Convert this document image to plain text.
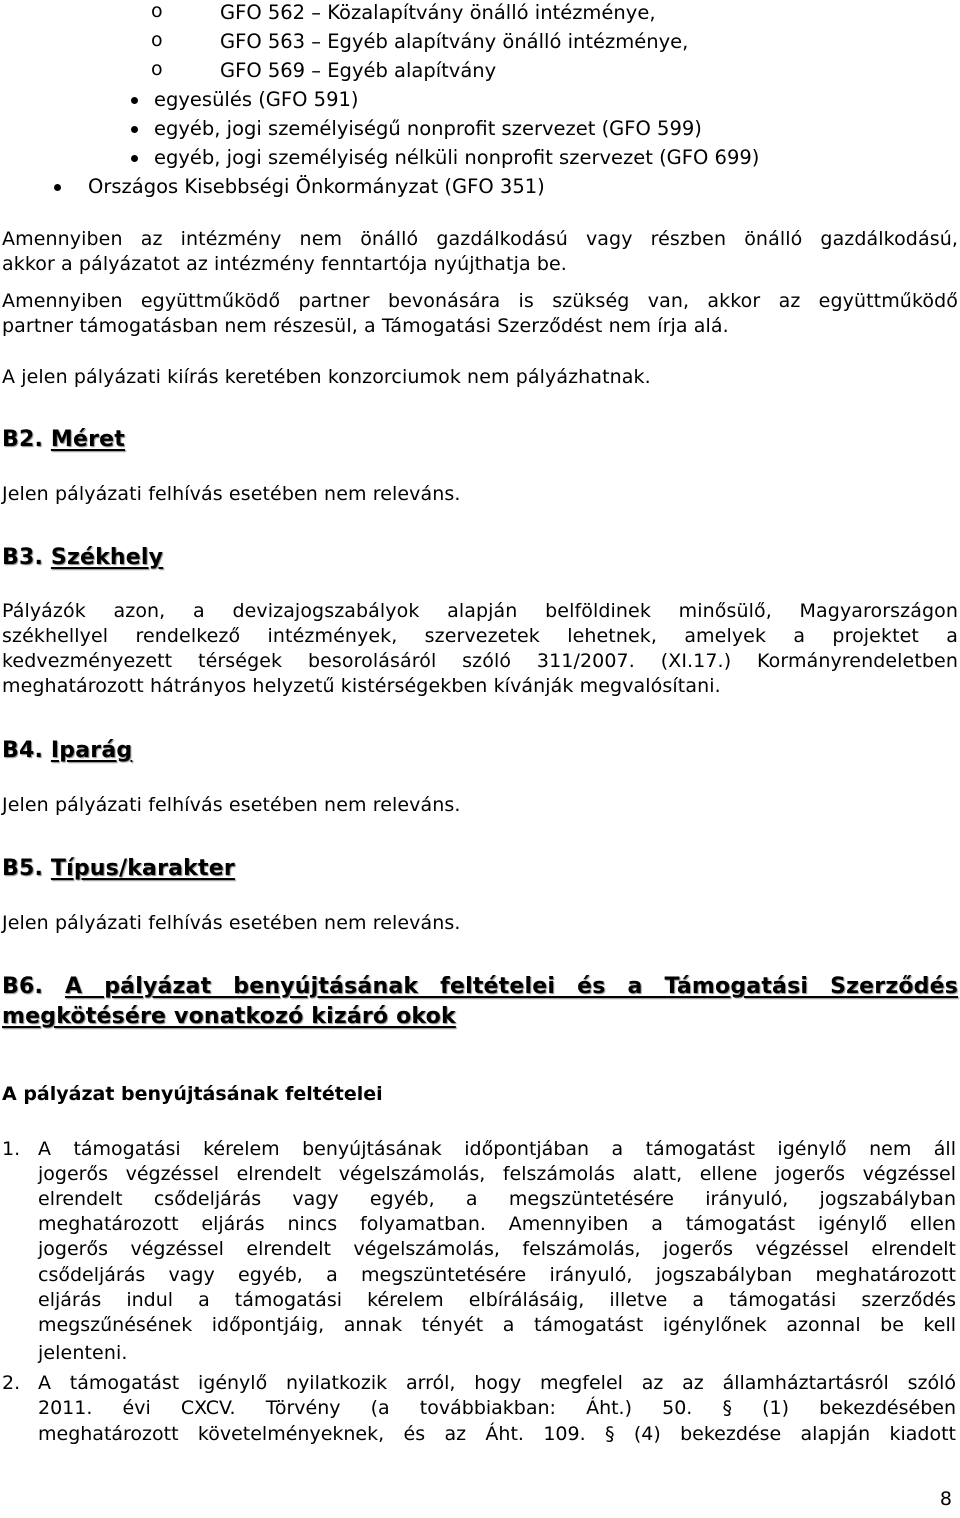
o	GFO 562 – Közalapítvány önálló intézménye,
o	GFO 563 – Egyéb alapítvány önálló intézménye,
o	GFO 569 – Egyéb alapítvány
egyesülés (GFO 591)
egyéb, jogi személyiségű nonprofit szervezet (GFO 599)
egyéb, jogi személyiség nélküli nonprofit szervezet (GFO 699)
Országos Kisebbségi Önkormányzat (GFO 351)
Amennyiben az intézmény nem önálló gazdálkodású vagy részben önálló gazdálkodású,
akkor a pályázatot az intézmény fenntartója nyújthatja be.
Amennyiben együttműködő partner bevonására is szükség van, akkor az együttműködő
partner támogatásban nem részesül, a Támogatási Szerződést nem írja alá.
A jelen pályázati kiírás keretében konzorciumok nem pályázhatnak.
B2. Méret
Jelen pályázati felhívás esetében nem releváns.
B3. Székhely
Pályázók azon, a devizajogszabályok alapján belföldinek minősülő, Magyarországon
székhellyel rendelkező intézmények, szervezetek lehetnek, amelyek a projektet a
kedvezményezett térségek besorolásáról szóló 311/2007. (XI.17.) Kormányrendeletben
meghatározott hátrányos helyzetű kistérségekben kívánják megvalósítani.
B4. Iparág
Jelen pályázati felhívás esetében nem releváns.
B5. Típus/karakter
Jelen pályázati felhívás esetében nem releváns.
B6. A pályázat benyújtásának feltételei és a Támogatási Szerződés
megkötésére vonatkozó kizáró okok
A pályázat benyújtásának feltételei
1. A támogatási kérelem benyújtásának időpontjában a támogatást igénylő nem áll
jogerős végzéssel elrendelt végelszámolás, felszámolás alatt, ellene jogerős végzéssel
elrendelt csődeljárás vagy egyéb, a megszüntetésére irányuló, jogszabályban
meghatározott eljárás nincs folyamatban. Amennyiben a támogatást igénylő ellen
jogerős végzéssel elrendelt végelszámolás, felszámolás, jogerős végzéssel elrendelt
csődeljárás vagy egyéb, a megszüntetésére irányuló, jogszabályban meghatározott
eljárás indul a támogatási kérelem elbírálásáig, illetve a támogatási szerződés
megszűnésének időpontjáig, annak tényét a támogatást igénylőnek azonnal be kell
jelenteni.
2. A támogatást igénylő nyilatkozik arról, hogy megfelel az az államháztartásról szóló
2011. évi CXCV. Törvény (a továbbiakban: Áht.) 50. § (1) bekezdésében
meghatározott követelményeknek, és az Áht. 109. § (4) bekezdése alapján kiadott
8
